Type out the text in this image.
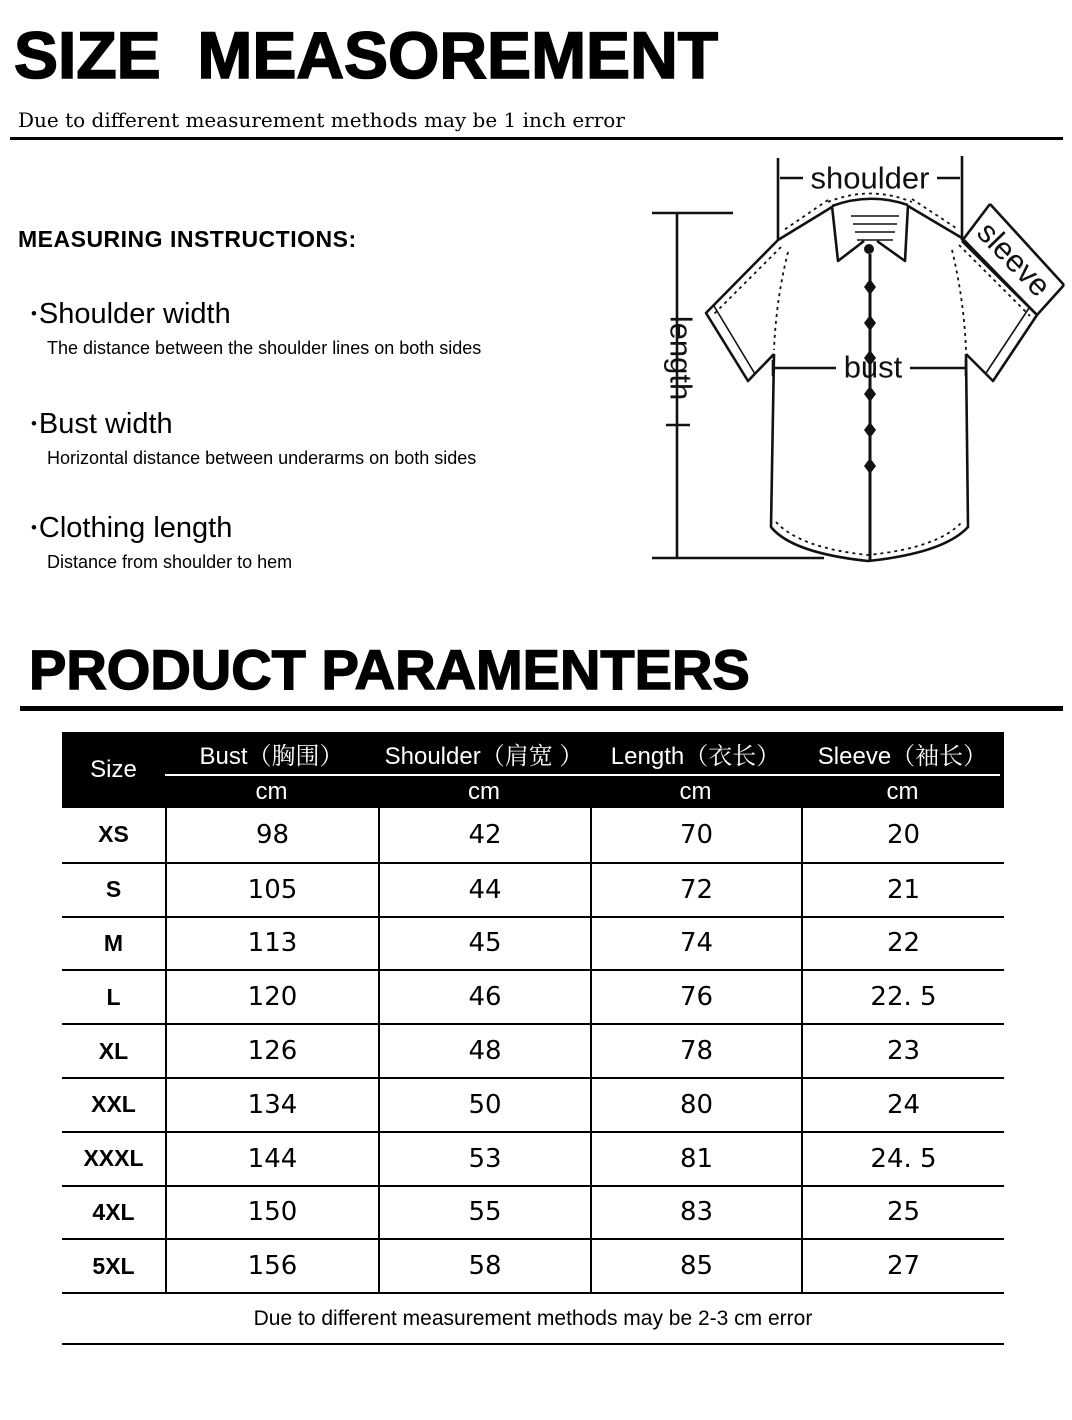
SIZE  MEASOREMENT
Due to different measurement methods may be 1 inch error
MEASURING INSTRUCTIONS:
•Shoulder width
The distance between the shoulder lines on both sides
•Bust width
Horizontal distance between underarms on both sides
•Clothing length
Distance from shoulder to hem
shoulder
length
sleeve
bust
PRODUCT PARAMENTERS
Size	Bust（胸围）	Shoulder（肩宽 ）	Length（衣长）	Sleeve（袖长）
cm	cm	cm	cm
XS	98	42	70	20
S	105	44	72	21
M	113	45	74	22
L	120	46	76	22. 5
XL	126	48	78	23
XXL	134	50	80	24
XXXL	144	53	81	24. 5
4XL	150	55	83	25
5XL	156	58	85	27
Due to different measurement methods may be 2-3 cm error
